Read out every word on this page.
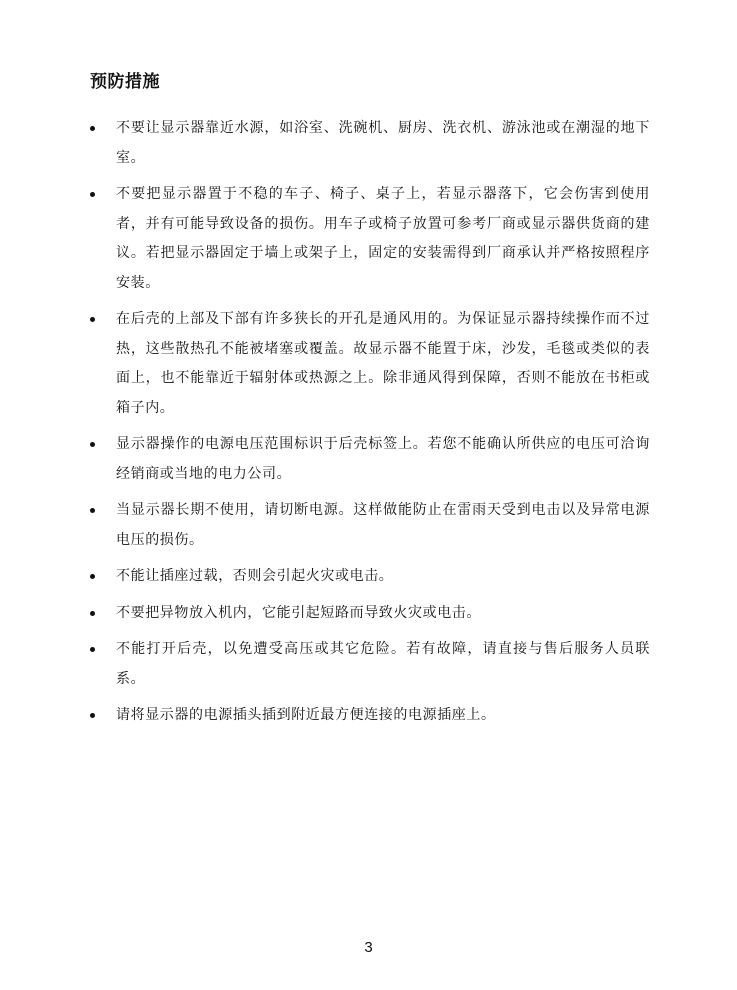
预防措施
不要让显示器靠近水源，如浴室、洗碗机、厨房、洗衣机、游泳池或在潮湿的地下室。
不要把显示器置于不稳的车子、椅子、桌子上，若显示器落下，它会伤害到使用者，并有可能导致设备的损伤。用车子或椅子放置可参考厂商或显示器供货商的建议。若把显示器固定于墙上或架子上，固定的安装需得到厂商承认并严格按照程序安装。
在后壳的上部及下部有许多狭长的开孔是通风用的。为保证显示器持续操作而不过热，这些散热孔不能被堵塞或覆盖。故显示器不能置于床，沙发，毛毯或类似的表面上，也不能靠近于辐射体或热源之上。除非通风得到保障，否则不能放在书柜或箱子内。
显示器操作的电源电压范围标识于后壳标签上。若您不能确认所供应的电压可洽询经销商或当地的电力公司。
当显示器长期不使用，请切断电源。这样做能防止在雷雨天受到电击以及异常电源电压的损伤。
不能让插座过载，否则会引起火灾或电击。
不要把异物放入机内，它能引起短路而导致火灾或电击。
不能打开后壳，以免遭受高压或其它危险。若有故障，请直接与售后服务人员联系。
请将显示器的电源插头插到附近最方便连接的电源插座上。
3
